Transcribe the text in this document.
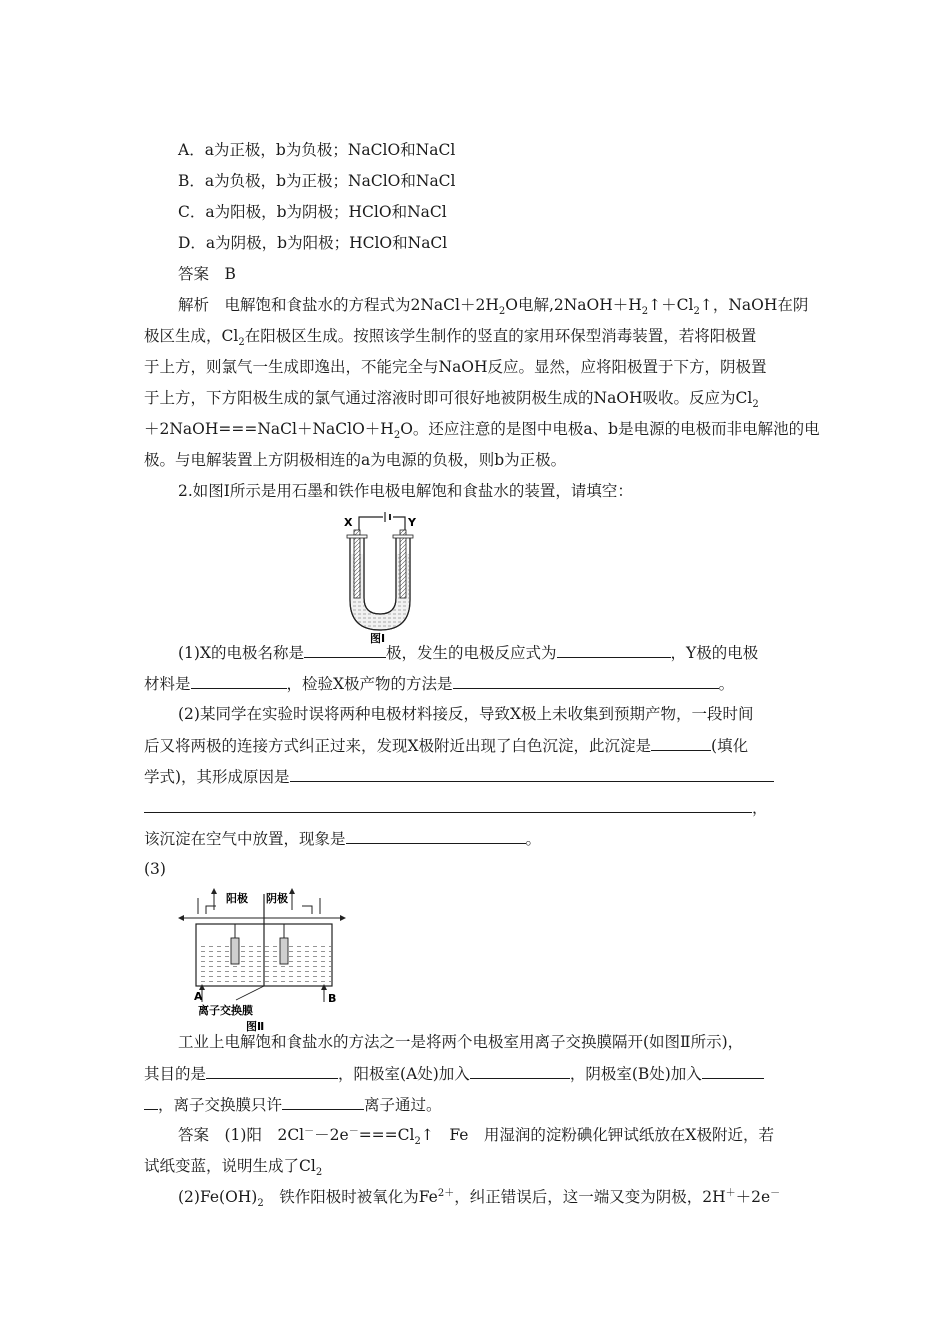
A．a为正极，b为负极；NaClO和NaCl
B．a为负极，b为正极；NaClO和NaCl
C．a为阳极，b为阴极；HClO和NaCl
D．a为阴极，b为阳极；HClO和NaCl
答案　B
解析　电解饱和食盐水的方程式为$2NaCl+2H_2O$电解$,2NaOH+H_2↑+Cl_2↑$，NaOH在阴
极区生成，$Cl_2$在阳极区生成。按照该学生制作的竖直的家用环保型消毒装置，若将阳极置
于上方，则氯气一生成即逸出，不能完全与NaOH反应。显然，应将阳极置于下方，阴极置
于上方，下方阳极生成的氯气通过溶液时即可很好地被阴极生成的NaOH吸收。反应为$Cl_2$
$+2NaOH===NaCl+NaClO+H_2O$。还应注意的是图中电极a、b是电源的电极而非电解池的电
极。与电解装置上方阴极相连的a为电源的负极，则b为正极。
2.如图Ⅰ所示是用石墨和铁作电极电解饱和食盐水的装置，请填空：
X	Y
图Ⅰ
(1)X的电极名称是	极，发生的电极反应式为	，Y极的电极
材料是	，检验X极产物的方法是	。
(2)某同学在实验时误将两种电极材料接反，导致X极上未收集到预期产物，一段时间
后又将两极的连接方式纠正过来，发现X极附近出现了白色沉淀，此沉淀是	(填化
学式)，其形成原因是
，
该沉淀在空气中放置，现象是	。
(3)
阳极 阴极
A	B
离子交换膜
图Ⅱ
工业上电解饱和食盐水的方法之一是将两个电极室用离子交换膜隔开(如图Ⅱ所示)，
其目的是	，阳极室(A处)加入	，阴极室(B处)加入
，离子交换膜只许	离子通过。
答案　(1)阳　$2Cl^--2e^-===Cl_2↑$　Fe　用湿润的淀粉碘化钾试纸放在X极附近，若
试纸变蓝，说明生成了$Cl_2$
$(2)Fe(OH)_2$　铁作阳极时被氧化为$Fe^{2+}$，纠正错误后，这一端又变为阴极，2H＋＋2e－
